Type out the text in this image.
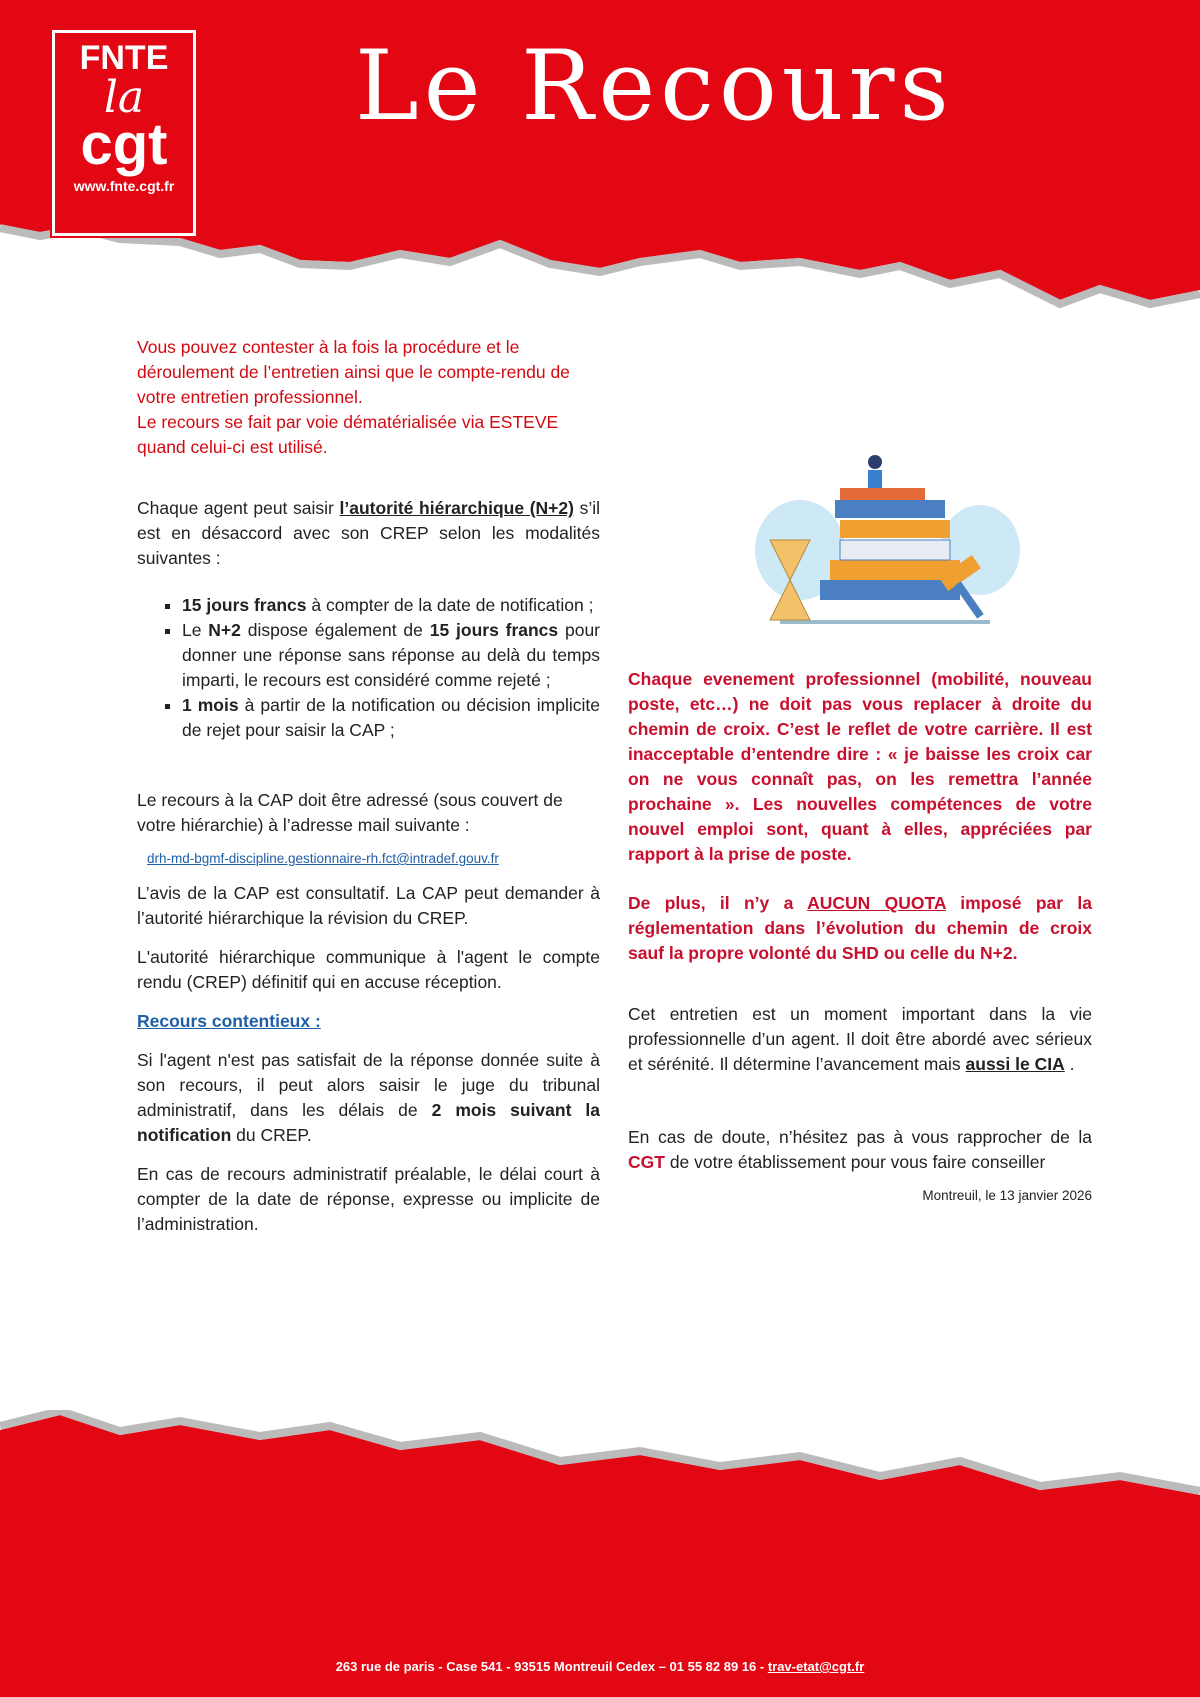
FNTE
la
cgt
www.fnte.cgt.fr
Le Recours

Vous pouvez contester à la fois la procédure et le déroulement de l’entretien ainsi que le compte-rendu de votre entretien professionnel.

Le recours se fait par voie dématérialisée via ESTEVE quand celui-ci est utilisé.

Chaque agent peut saisir l’autorité hiérarchique (N+2) s’il est en désaccord avec son CREP selon les modalités suivantes :

▪ 15 jours francs à compter de la date de notification ;
▪ Le N+2 dispose également de 15 jours francs pour donner une réponse sans réponse au delà du temps imparti, le recours est considéré comme rejeté ;
▪ 1 mois à partir de la notification ou décision implicite de rejet pour saisir la CAP ;

Le recours à la CAP doit être adressé (sous couvert de votre hiérarchie) à l’adresse mail suivante :

drh-md-bgmf-discipline.gestionnaire-rh.fct@intradef.gouv.fr

L’avis de la CAP est consultatif. La CAP peut demander à l’autorité hiérarchique la révision du CREP.

L'autorité hiérarchique communique à l'agent le compte rendu (CREP) définitif qui en accuse réception.

Recours contentieux :

Si l'agent n'est pas satisfait de la réponse donnée suite à son recours, il peut alors saisir le juge du tribunal administratif, dans les délais de 2 mois suivant la notification du CREP.

En cas de recours administratif préalable, le délai court à compter de la date de réponse, expresse ou implicite de l’administration.

Chaque evenement professionnel (mobilité, nouveau poste, etc…) ne doit pas vous replacer à droite du chemin de croix. C’est le reflet de votre carrière. Il est inacceptable d’entendre dire : « je baisse les croix car on ne vous connaît pas, on les remettra l’année prochaine ». Les nouvelles compétences de votre nouvel emploi sont, quant à elles, appréciées par rapport à la prise de poste.

De plus, il n’y a AUCUN QUOTA imposé par la réglementation dans l’évolution du chemin de croix sauf la propre volonté du SHD ou celle du N+2.

Cet entretien est un moment important dans la vie professionnelle d’un agent. Il doit être abordé avec sérieux et sérénité. Il détermine l’avancement mais aussi le CIA .

En cas de doute, n’hésitez pas à vous rapprocher de la CGT de votre établissement pour vous faire conseiller

Montreuil, le 13 janvier 2026

263 rue de paris - Case 541 - 93515 Montreuil Cedex – 01 55 82 89 16 - trav-etat@cgt.fr
